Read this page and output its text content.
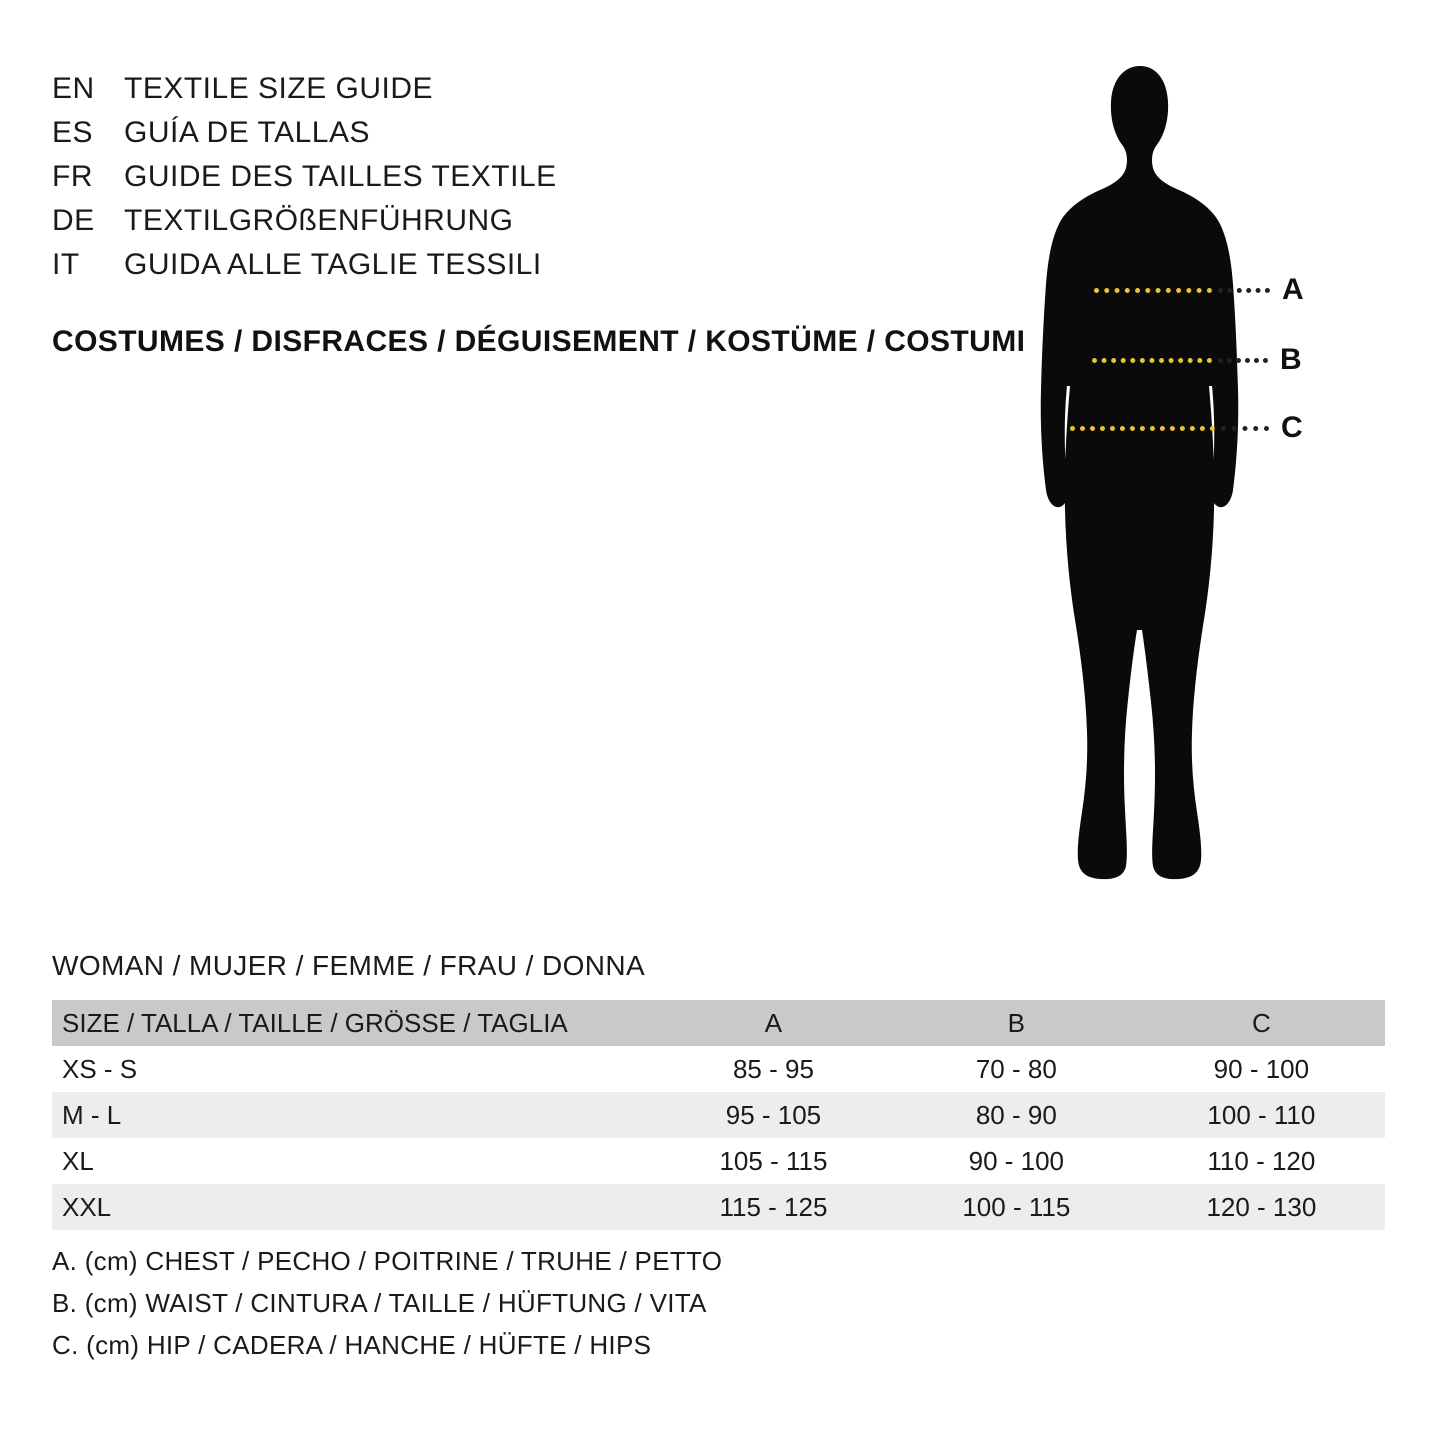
EN TEXTILE SIZE GUIDE
ES	GUÍA DE TALLAS
FR	GUIDE DES TAILLES TEXTILE
DE TEXTILGRÖßENFÜHRUNG
IT	GUIDA ALLE TAGLIE TESSILI
COSTUMES / DISFRACES / DÉGUISEMENT / KOSTÜME / COSTUMI
A
B
C
WOMAN / MUJER / FEMME / FRAU / DONNA
SIZE / TALLA / TAILLE / GRÖSSE / TAGLIA	A	B	C
XS - S	85 - 95	70 - 80	90 - 100
M - L	95 - 105	80 - 90	100 - 110
XL	105 - 115	90 - 100	110 - 120
XXL	115 - 125	100 - 115	120 - 130
A. (cm) CHEST / PECHO / POITRINE / TRUHE / PETTO
B. (cm) WAIST / CINTURA / TAILLE / HÜFTUNG / VITA
C. (cm) HIP / CADERA / HANCHE / HÜFTE / HIPS
